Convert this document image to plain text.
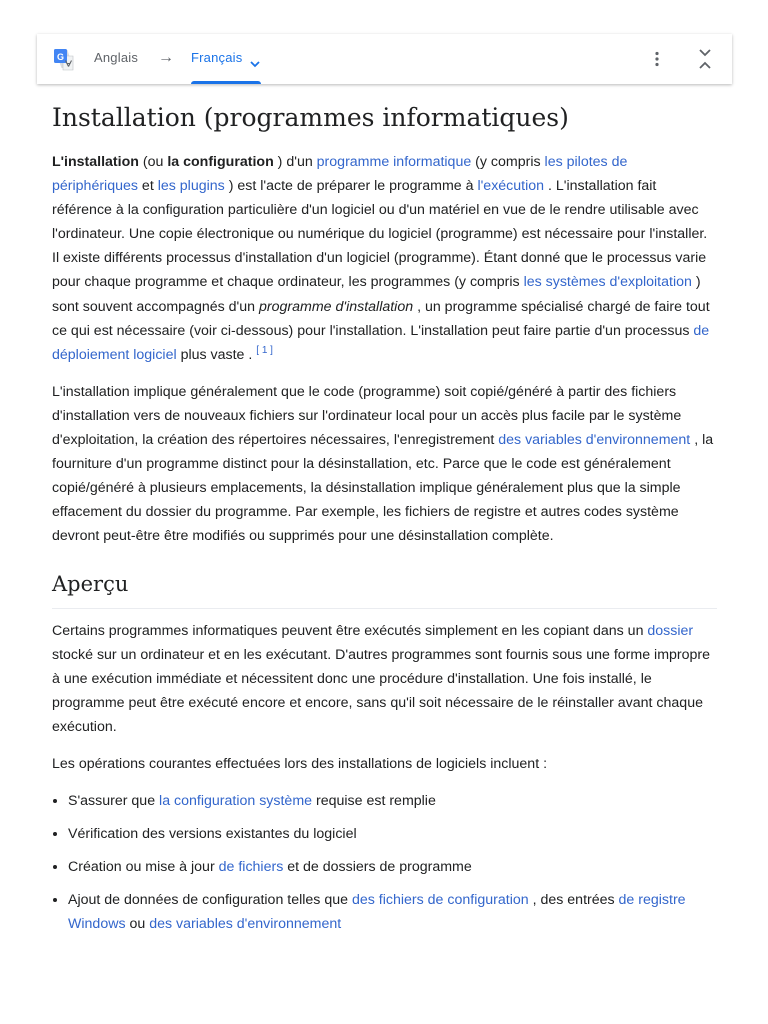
G Anglais → Français
Installation (programmes informatiques)

L'installation (ou la configuration ) d'un programme informatique (y compris les pilotes de périphériques et les plugins ) est l'acte de préparer le programme à l'exécution . L'installation fait référence à la configuration particulière d'un logiciel ou d'un matériel en vue de le rendre utilisable avec l'ordinateur. Une copie électronique ou numérique du logiciel (programme) est nécessaire pour l'installer. Il existe différents processus d'installation d'un logiciel (programme). Étant donné que le processus varie pour chaque programme et chaque ordinateur, les programmes (y compris les systèmes d'exploitation ) sont souvent accompagnés d'un programme d'installation , un programme spécialisé chargé de faire tout ce qui est nécessaire (voir ci-dessous) pour l'installation. L'installation peut faire partie d'un processus de déploiement logiciel plus vaste . [ 1 ]

L'installation implique généralement que le code (programme) soit copié/généré à partir des fichiers d'installation vers de nouveaux fichiers sur l'ordinateur local pour un accès plus facile par le système d'exploitation, la création des répertoires nécessaires, l'enregistrement des variables d'environnement , la fourniture d'un programme distinct pour la désinstallation, etc. Parce que le code est généralement copié/généré à plusieurs emplacements, la désinstallation implique généralement plus que la simple effacement du dossier du programme. Par exemple, les fichiers de registre et autres codes système devront peut-être être modifiés ou supprimés pour une désinstallation complète.

Aperçu

Certains programmes informatiques peuvent être exécutés simplement en les copiant dans un dossier stocké sur un ordinateur et en les exécutant. D'autres programmes sont fournis sous une forme impropre à une exécution immédiate et nécessitent donc une procédure d'installation. Une fois installé, le programme peut être exécuté encore et encore, sans qu'il soit nécessaire de le réinstaller avant chaque exécution.

Les opérations courantes effectuées lors des installations de logiciels incluent :

• S'assurer que la configuration système requise est remplie
• Vérification des versions existantes du logiciel
• Création ou mise à jour de fichiers et de dossiers de programme
• Ajout de données de configuration telles que des fichiers de configuration , des entrées de registre Windows ou des variables d'environnement
